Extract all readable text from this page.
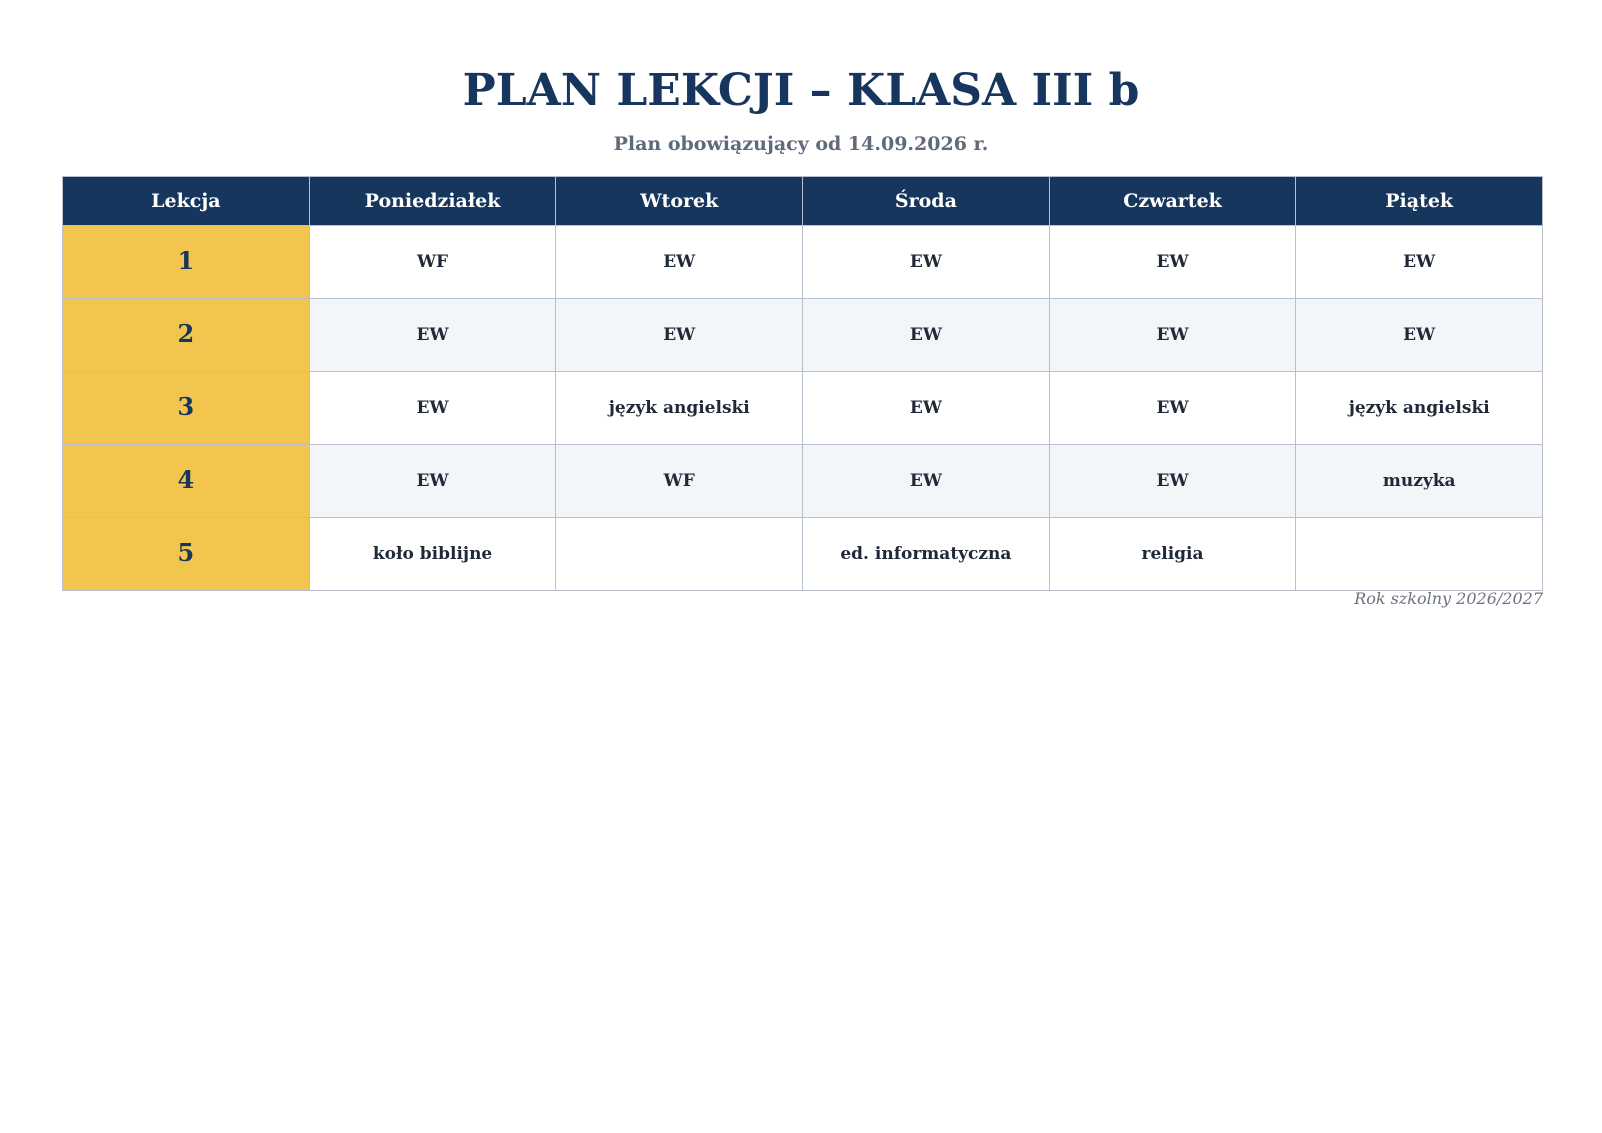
PLAN LEKCJI – KLASA III b
Plan obowiązujący od 14.09.2026 r.
Lekcja	Poniedziałek	Wtorek	Środa	Czwartek	Piątek
1	WF	EW	EW	EW	EW
2	EW	EW	EW	EW	EW
3	EW	język angielski	EW	EW	język angielski
4	EW	WF	EW	EW	muzyka
5	koło biblijne		ed. informatyczna	religia	
Rok szkolny 2026/2027
